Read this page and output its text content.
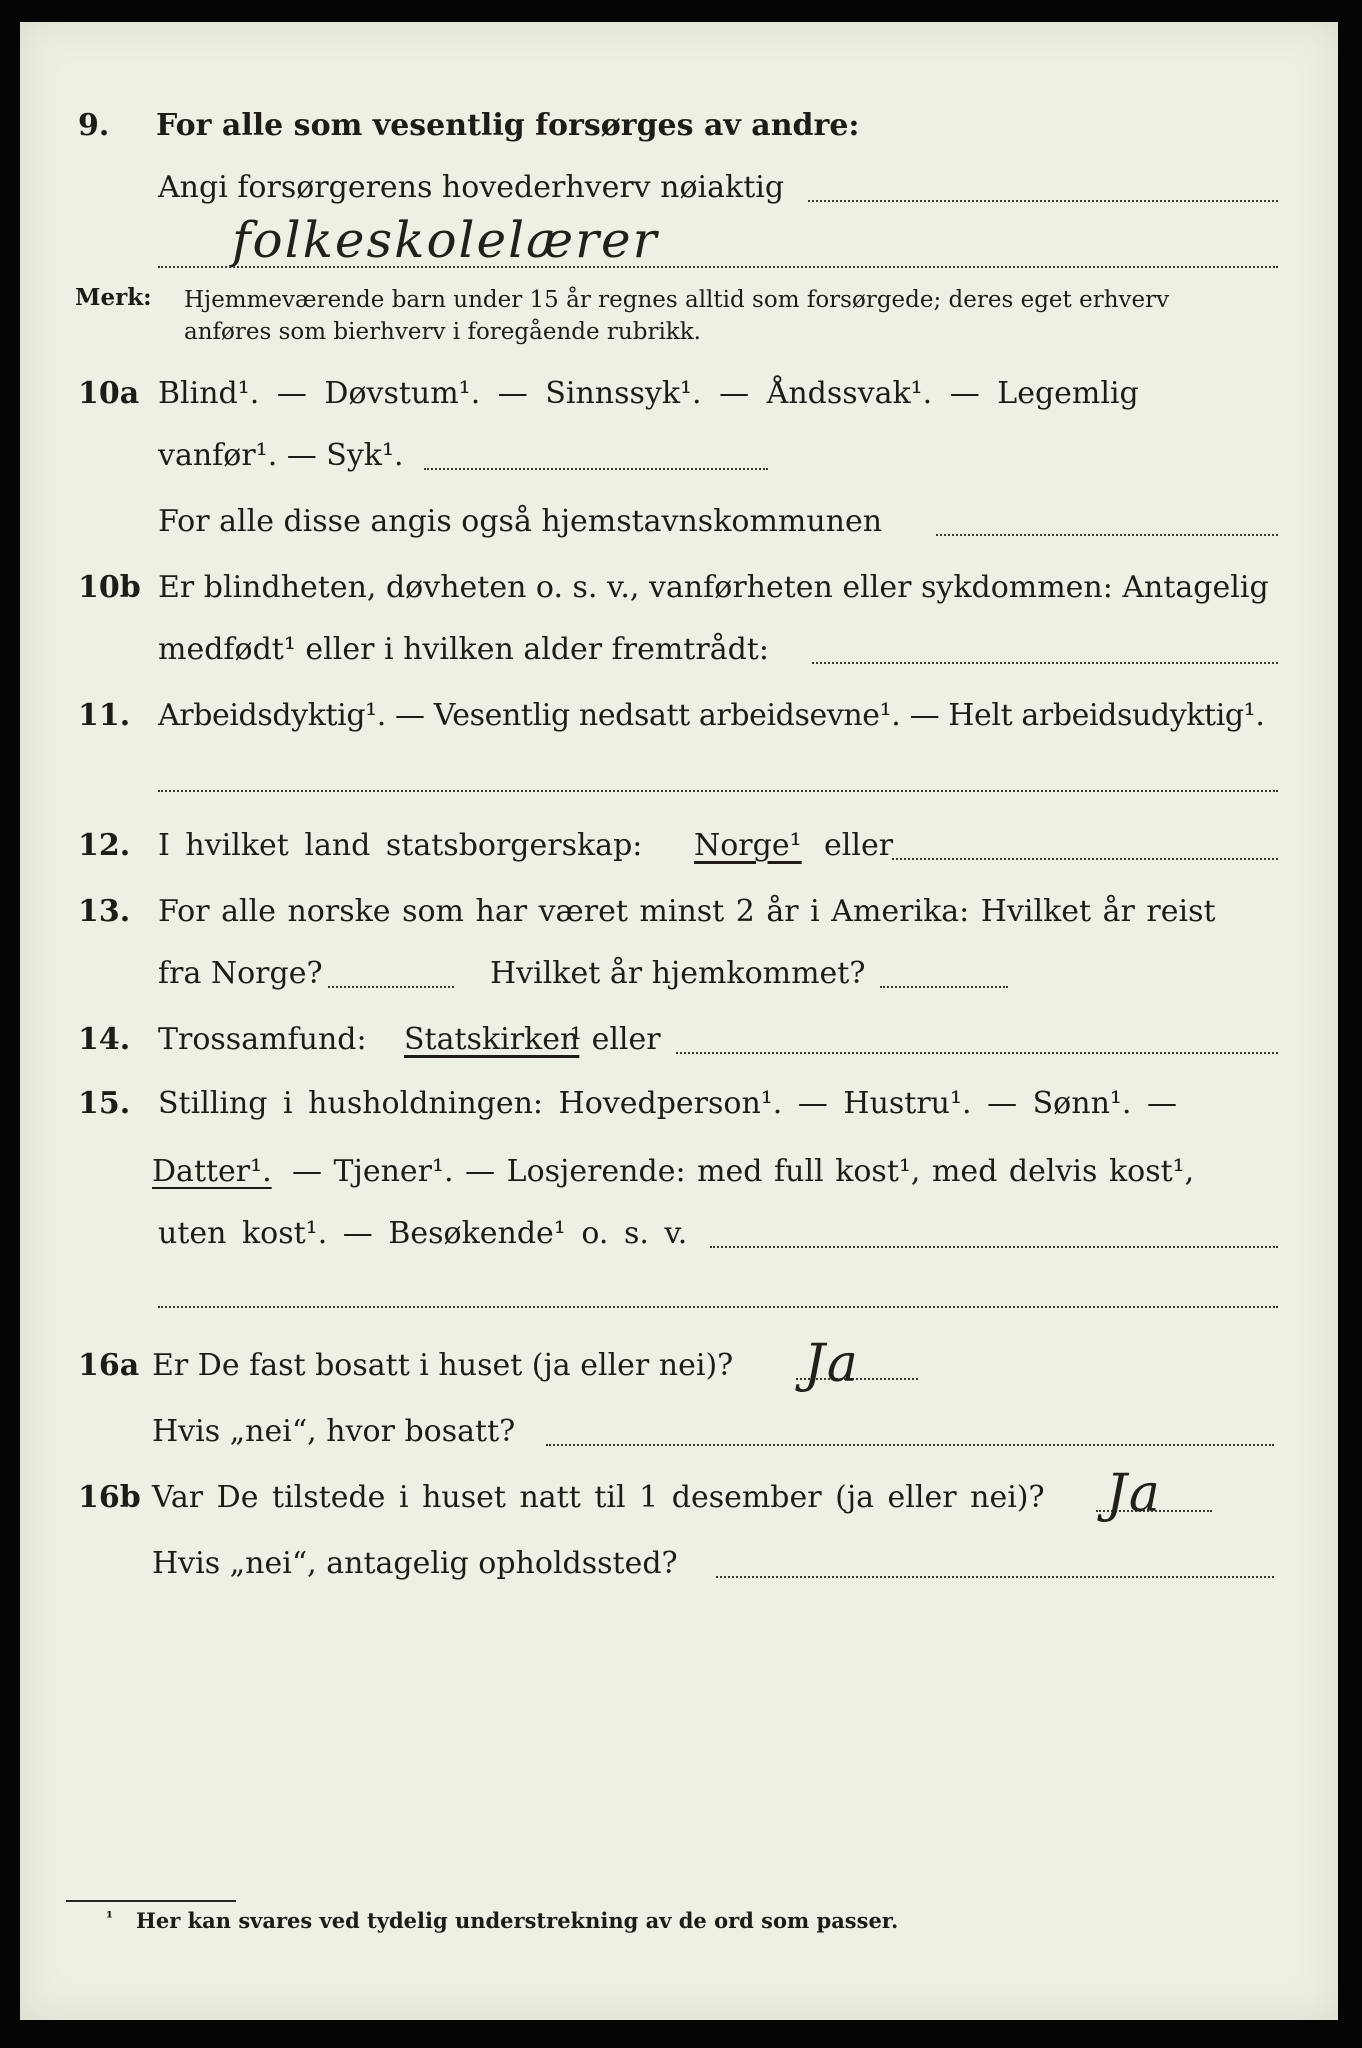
9. For alle som vesentlig forsørges av andre:
Angi forsørgerens hovederhverv nøiaktig
folkeskolelærer
Merk: Hjemmeværende barn under 15 år regnes alltid som forsørgede; deres eget erhverv
anføres som bierhverv i foregående rubrikk.
10a Blind¹. — Døvstum¹. — Sinnssyk¹. — Åndssvak¹. — Legemlig
vanfør¹. — Syk¹.
For alle disse angis også hjemstavnskommunen
10b Er blindheten, døvheten o. s. v., vanførheten eller sykdommen: Antagelig
medfødt¹ eller i hvilken alder fremtrådt:
11. Arbeidsdyktig¹. — Vesentlig nedsatt arbeidsevne¹. — Helt arbeidsudyktig¹.
12. I hvilket land statsborgerskap: Norge¹ eller
13. For alle norske som har været minst 2 år i Amerika: Hvilket år reist
fra Norge?	Hvilket år hjemkommet?
14. Trossamfund: Statskirken
¹ eller
15. Stilling i husholdningen: Hovedperson¹. — Hustru¹. — Sønn¹. —
Datter¹. — Tjener¹. — Losjerende: med full kost¹, med delvis kost¹,
uten kost¹. — Besøkende¹ o. s. v.
16a Er De fast bosatt i huset (ja eller nei)? Ja
Hvis „nei“, hvor bosatt?
16b Var De tilstede i huset natt til 1 desember (ja eller nei)? Ja
Hvis „nei“, antagelig opholdssted?
¹ Her kan svares ved tydelig understrekning av de ord som passer.
